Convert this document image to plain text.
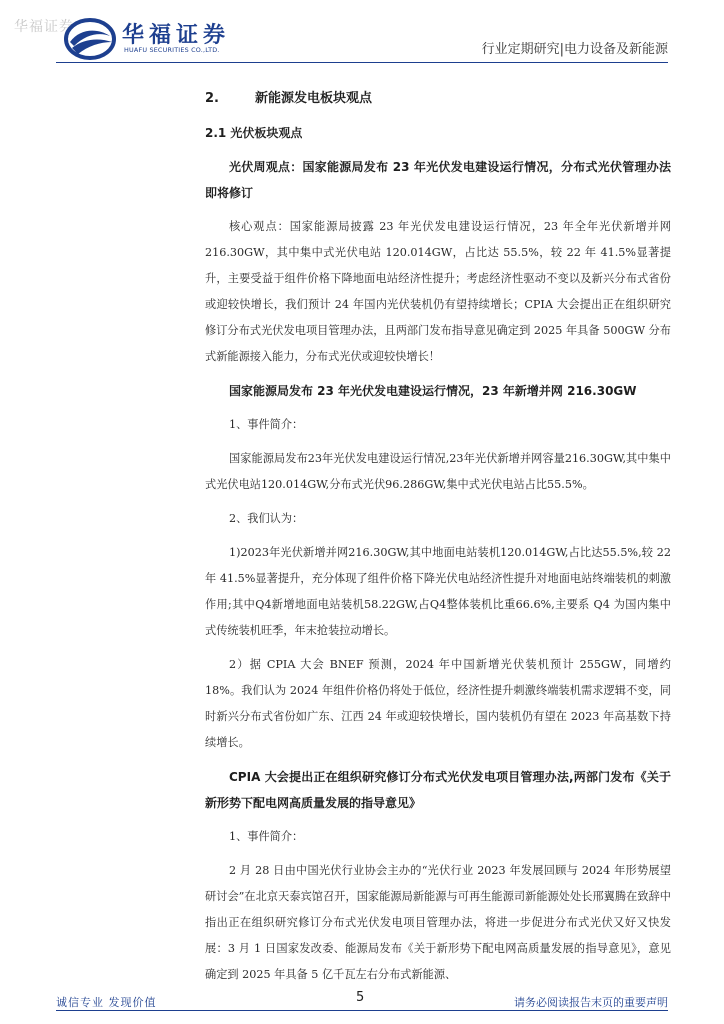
华福证券 华福证券
HUAFU SECURITIES CO.,LTD.	行业定期研究|电力设备及新能源
2.	新能源发电板块观点
2.1 光伏板块观点
光伏周观点：国家能源局发布 23 年光伏发电建设运行情况，分布式光伏管理办法即将修订
核心观点：国家能源局披露 23 年光伏发电建设运行情况，23 年全年光伏新增并网 216.30GW，其中集中式光伏电站 120.014GW，占比达 55.5%，较 22 年 41.5%显著提升，主要受益于组件价格下降地面电站经济性提升；考虑经济性驱动不变以及新兴分布式省份或迎较快增长，我们预计 24 年国内光伏装机仍有望持续增长；CPIA 大会提出正在组织研究修订分布式光伏发电项目管理办法，且两部门发布指导意见确定到 2025 年具备 500GW 分布式新能源接入能力，分布式光伏或迎较快增长！
国家能源局发布 23 年光伏发电建设运行情况，23 年新增并网 216.30GW
1、事件简介：
国家能源局发布23年光伏发电建设运行情况,23年光伏新增并网容量216.30GW,其中集中式光伏电站120.014GW,分布式光伏96.286GW,集中式光伏电站占比55.5%。
2、我们认为：
1)2023年光伏新增并网216.30GW,其中地面电站装机120.014GW,占比达55.5%,较 22 年 41.5%显著提升，充分体现了组件价格下降光伏电站经济性提升对地面电站终端装机的刺激作用;其中Q4新增地面电站装机58.22GW,占Q4整体装机比重66.6%,主要系 Q4 为国内集中式传统装机旺季，年末抢装拉动增长。
2）据 CPIA 大会 BNEF 预测，2024 年中国新增光伏装机预计 255GW，同增约 18%。我们认为 2024 年组件价格仍将处于低位，经济性提升刺激终端装机需求逻辑不变，同时新兴分布式省份如广东、江西 24 年或迎较快增长，国内装机仍有望在 2023 年高基数下持续增长。
CPIA 大会提出正在组织研究修订分布式光伏发电项目管理办法,两部门发布《关于新形势下配电网高质量发展的指导意见》
1、事件简介：
2 月 28 日由中国光伏行业协会主办的“光伏行业 2023 年发展回顾与 2024 年形势展望研讨会”在北京天泰宾馆召开，国家能源局新能源与可再生能源司新能源处处长邢翼腾在致辞中指出正在组织研究修订分布式光伏发电项目管理办法，将进一步促进分布式光伏又好又快发展：3 月 1 日国家发改委、能源局发布《关于新形势下配电网高质量发展的指导意见》，意见确定到 2025 年具备 5 亿千瓦左右分布式新能源、
诚信专业 发现价值	5	请务必阅读报告末页的重要声明
